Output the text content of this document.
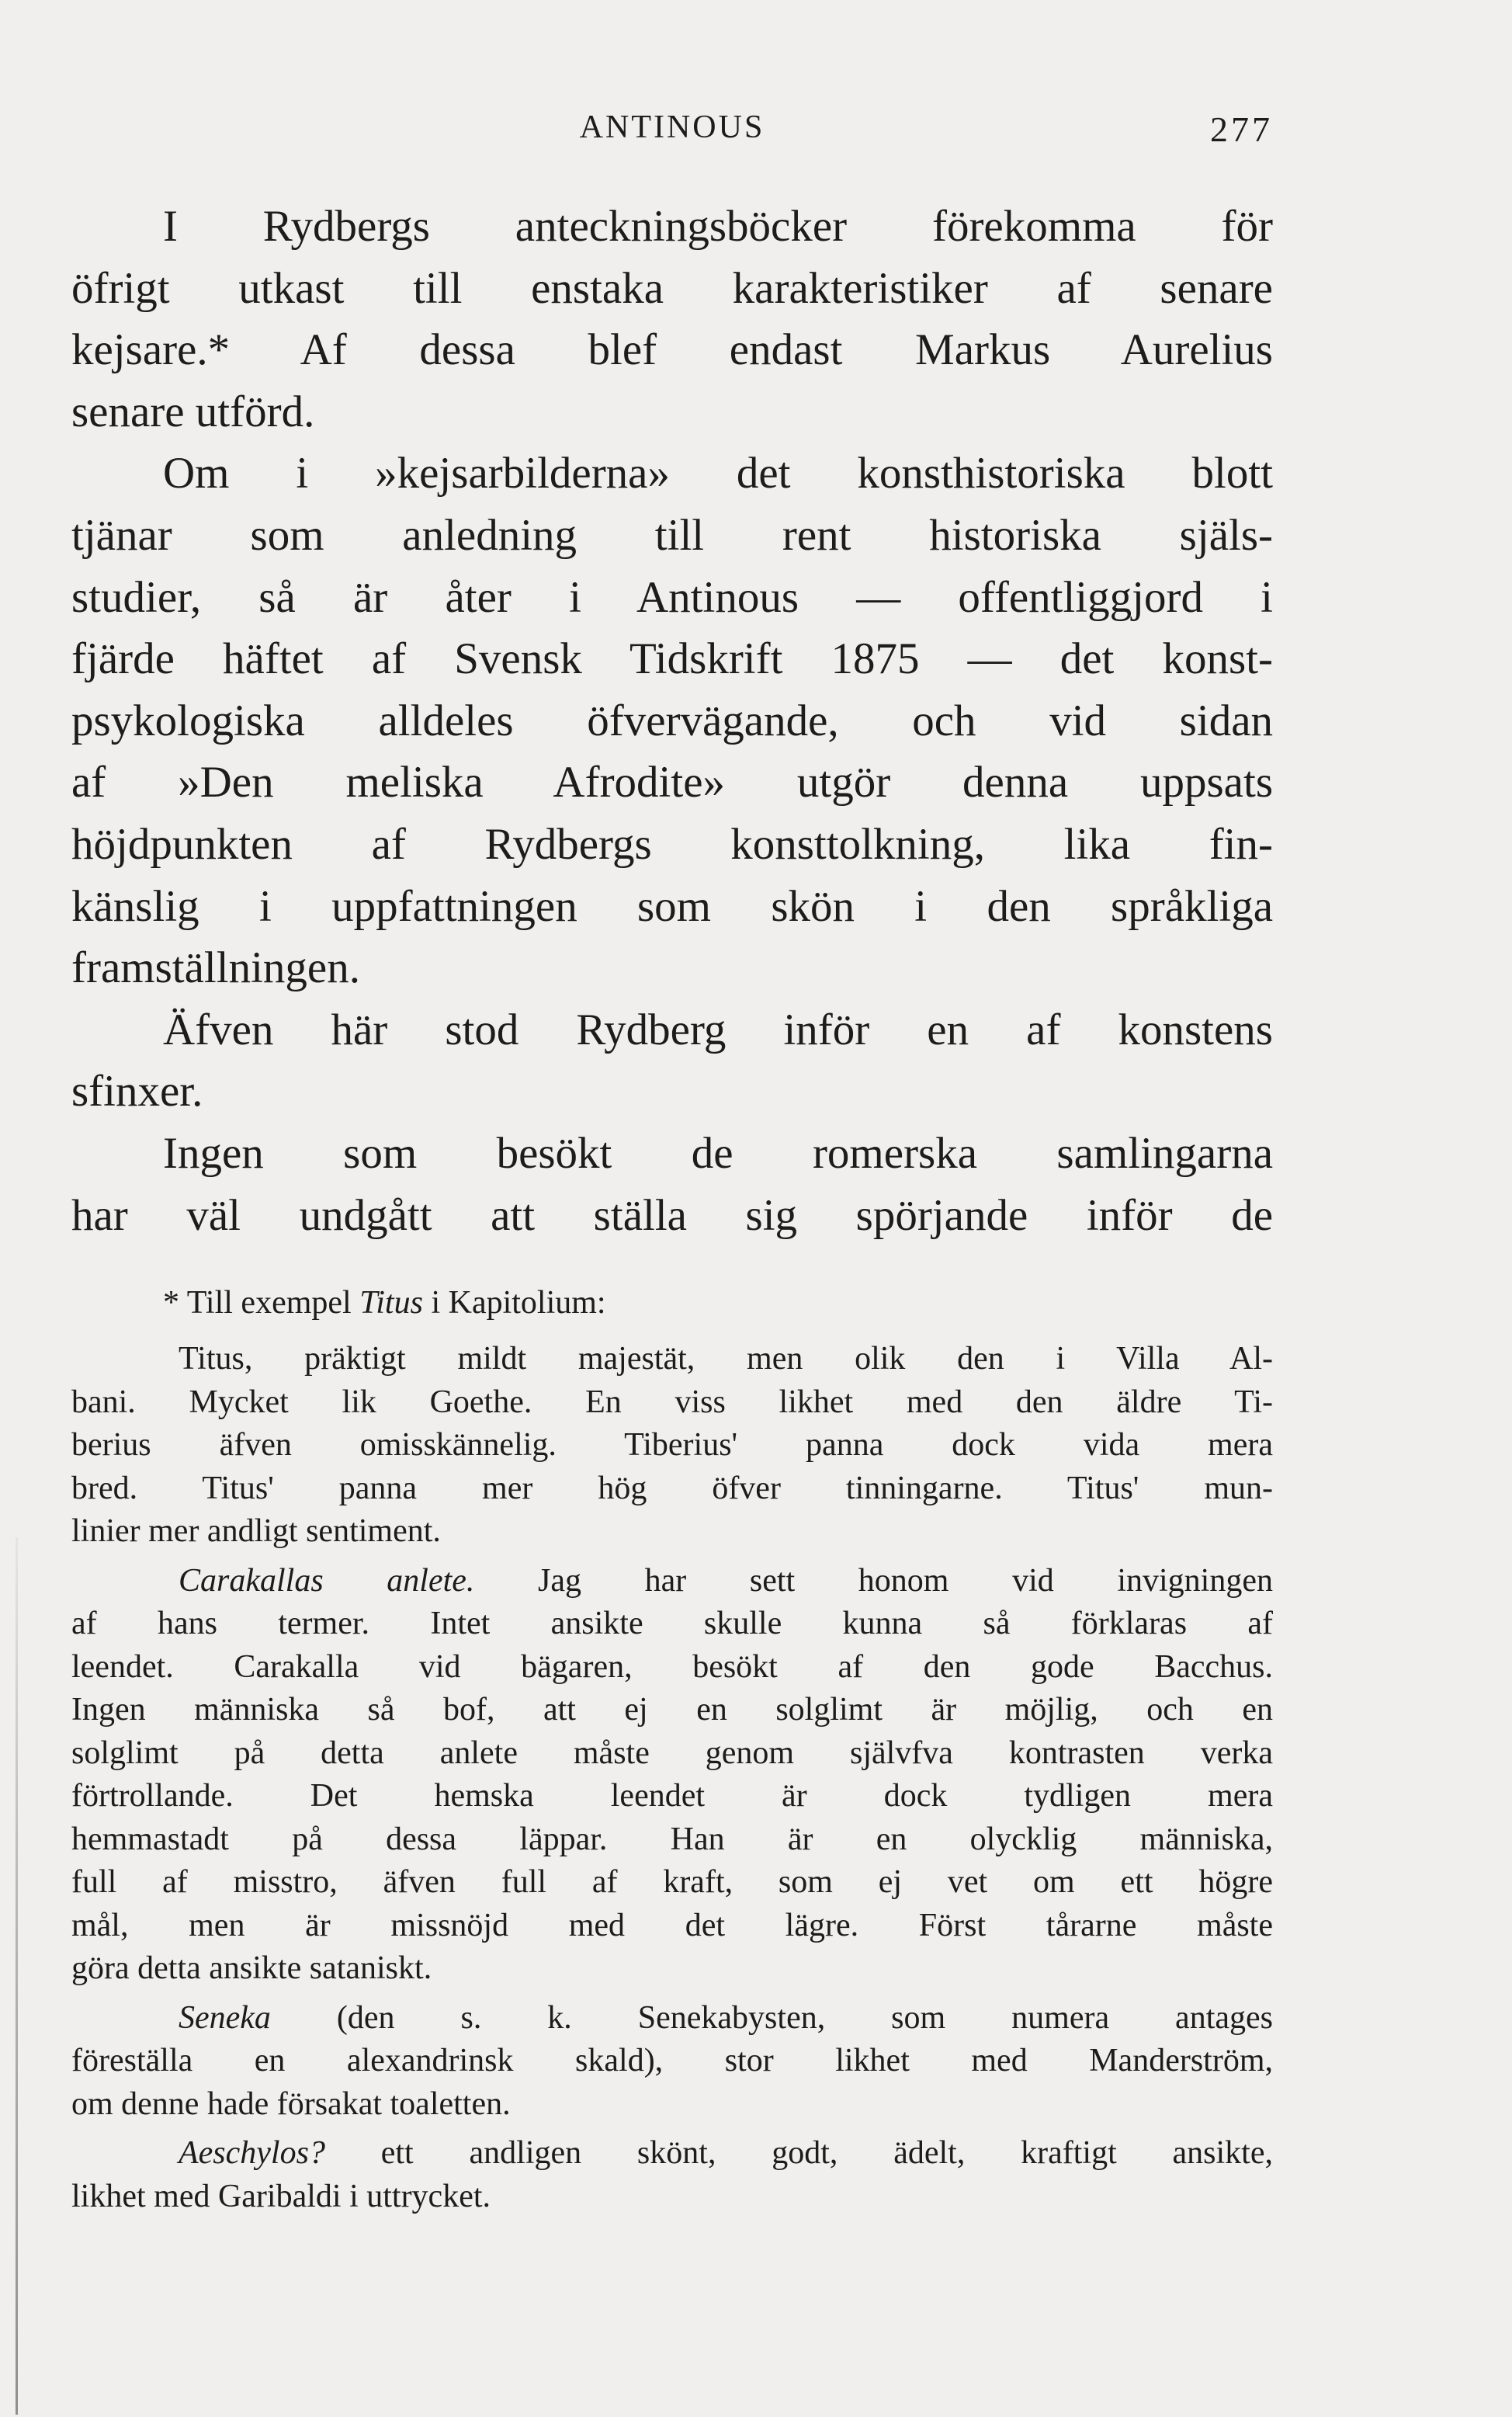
ANTINOUS	277
I Rydbergs anteckningsböcker förekomma för
öfrigt utkast till enstaka karakteristiker af senare
kejsare.* Af dessa blef endast Markus Aurelius
senare utförd.
Om i »kejsarbilderna» det konsthistoriska blott
tjänar som anledning till rent historiska själs-
studier, så är åter i Antinous — offentliggjord i
fjärde häftet af Svensk Tidskrift 1875 — det konst-
psykologiska alldeles öfvervägande, och vid sidan
af »Den meliska Afrodite» utgör denna uppsats
höjdpunkten af Rydbergs konsttolkning, lika fin-
känslig i uppfattningen som skön i den språkliga
framställningen.
Äfven här stod Rydberg inför en af konstens
sfinxer.
Ingen som besökt de romerska samlingarna
har väl undgått att ställa sig spörjande inför de
* Till exempel Titus i Kapitolium:
Titus, präktigt mildt majestät, men olik den i Villa Al-
bani. Mycket lik Goethe. En viss likhet med den äldre Ti-
berius äfven omisskännelig. Tiberius' panna dock vida mera
bred. Titus' panna mer hög öfver tinningarne. Titus' mun-
linier mer andligt sentiment.
Carakallas anlete. Jag har sett honom vid invigningen
af hans termer. Intet ansikte skulle kunna så förklaras af
leendet. Carakalla vid bägaren, besökt af den gode Bacchus.
Ingen människa så bof, att ej en solglimt är möjlig, och en
solglimt på detta anlete måste genom självfva kontrasten verka
förtrollande. Det hemska leendet är dock tydligen mera
hemmastadt på dessa läppar. Han är en olycklig människa,
full af misstro, äfven full af kraft, som ej vet om ett högre
mål, men är missnöjd med det lägre. Först tårarne måste
göra detta ansikte sataniskt.
Seneka (den s. k. Senekabysten, som numera antages
föreställa en alexandrinsk skald), stor likhet med Manderström,
om denne hade försakat toaletten.
Aeschylos? ett andligen skönt, godt, ädelt, kraftigt ansikte,
likhet med Garibaldi i uttrycket.
